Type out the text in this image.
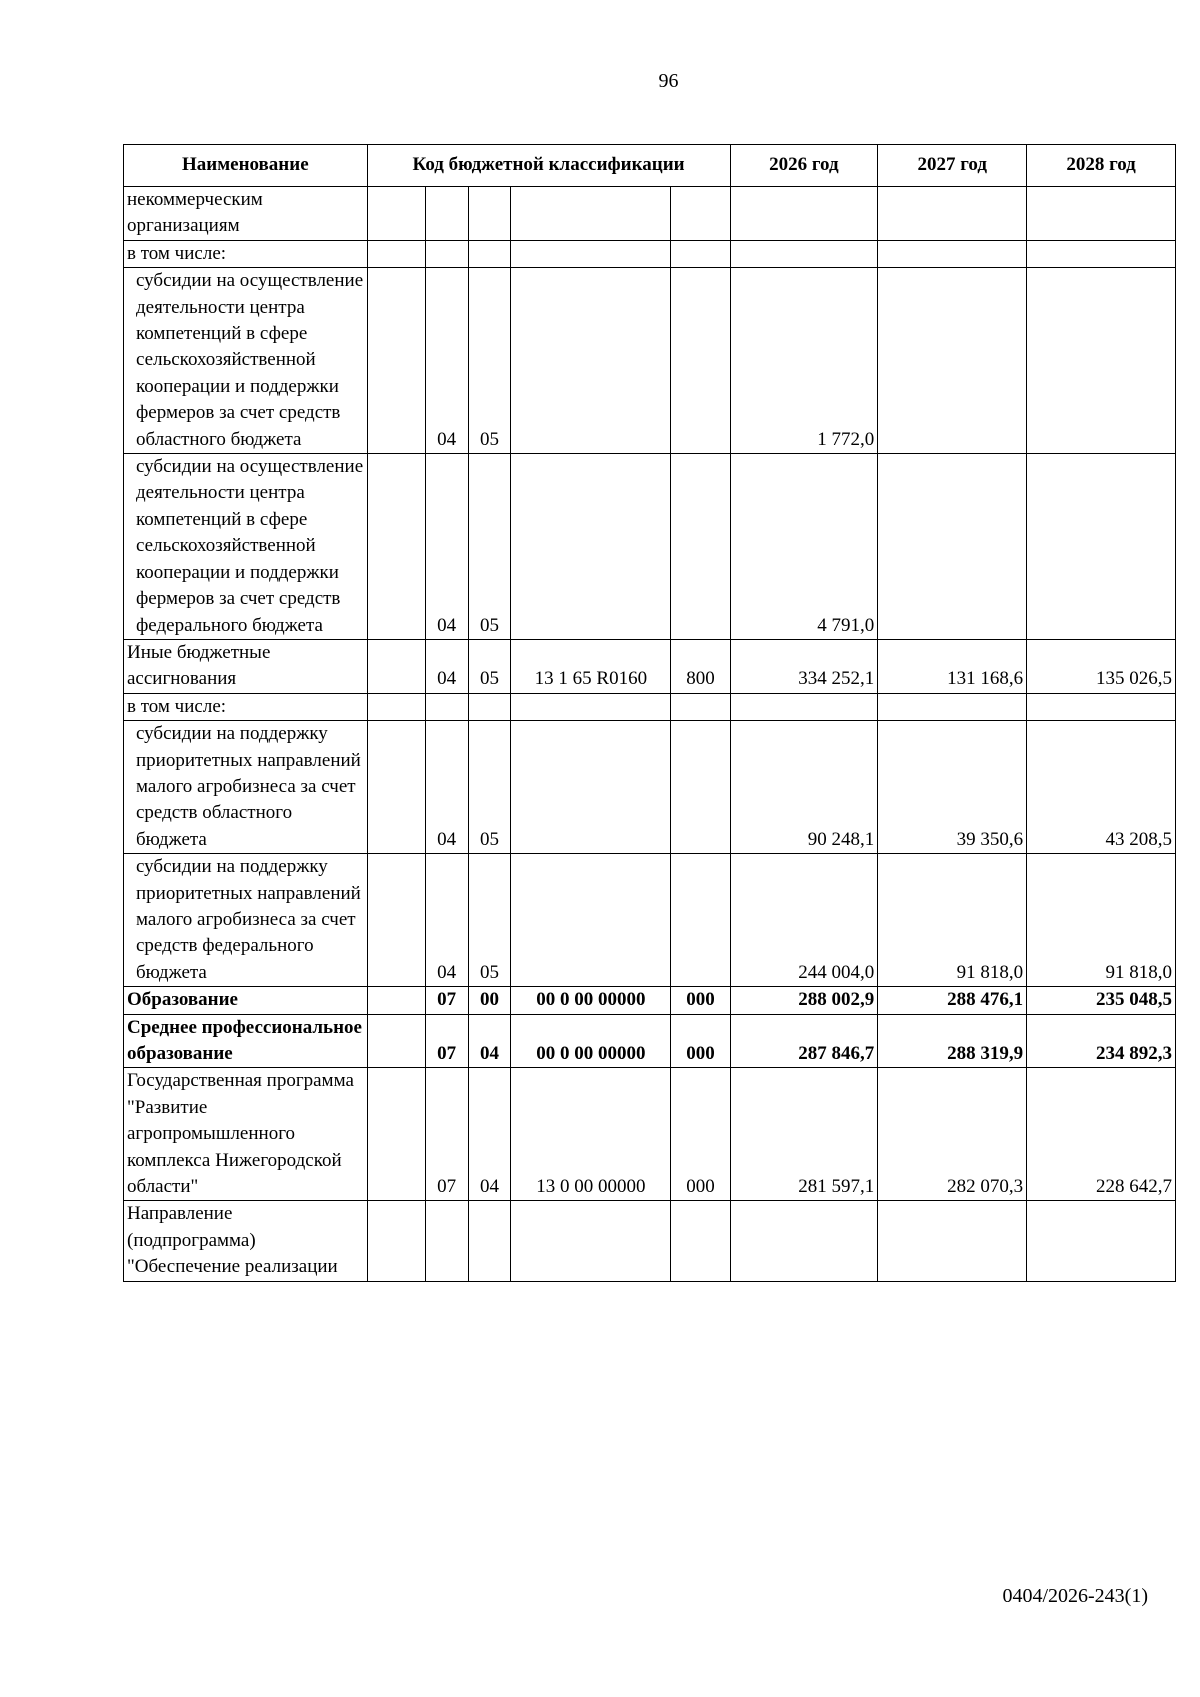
96
Наименование	Код бюджетной классификации					2026 год	2027 год	2028 год
некоммерческим организациям								
в том числе:								
субсидии на осуществление деятельности центра компетенций в сфере сельскохозяйственной кооперации и поддержки фермеров за счет средств областного бюджета		04	05			1 772,0		
субсидии на осуществление деятельности центра компетенций в сфере сельскохозяйственной кооперации и поддержки фермеров за счет средств федерального бюджета		04	05			4 791,0		
Иные бюджетные ассигнования		04	05	13 1 65 R0160	800	334 252,1	131 168,6	135 026,5
в том числе:								
субсидии на поддержку приоритетных направлений малого агробизнеса за счет средств областного бюджета		04	05			90 248,1	39 350,6	43 208,5
субсидии на поддержку приоритетных направлений малого агробизнеса за счет средств федерального бюджета		04	05			244 004,0	91 818,0	91 818,0
Образование		07	00	00 0 00 00000	000	288 002,9	288 476,1	235 048,5
Среднее профессиональное образование		07	04	00 0 00 00000	000	287 846,7	288 319,9	234 892,3
Государственная программа "Развитие агропромышленного комплекса Нижегородской области"		07	04	13 0 00 00000	000	281 597,1	282 070,3	228 642,7
Направление (подпрограмма) "Обеспечение реализации								
0404/2026-243(1)
